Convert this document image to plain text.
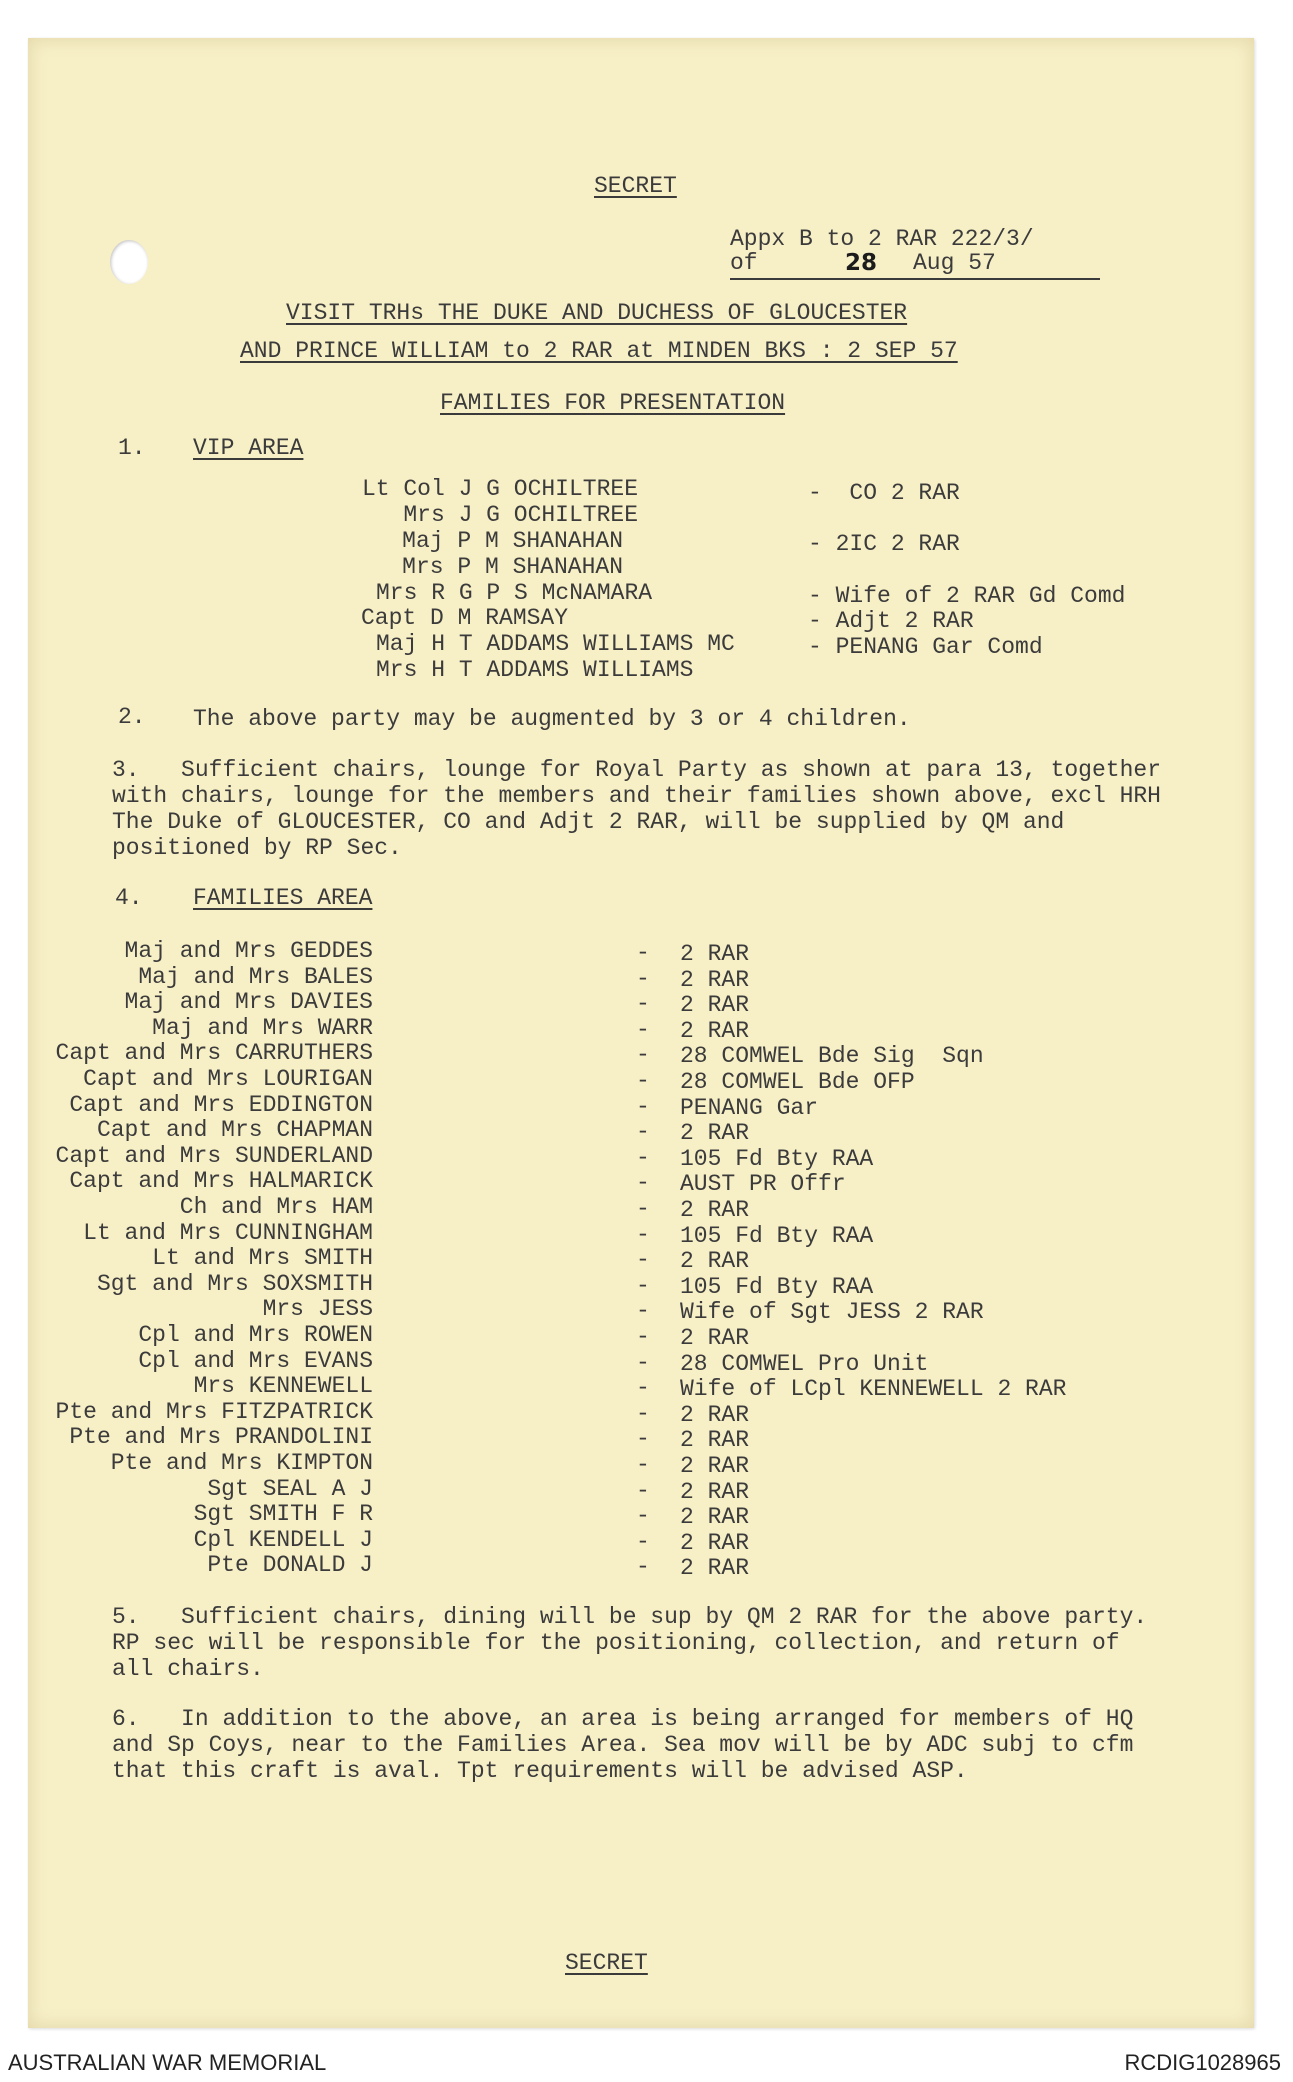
SECRET
Appx B to 2 RAR 222/3/
of	28 Aug 57
VISIT TRHs THE DUKE AND DUCHESS OF GLOUCESTER
AND PRINCE WILLIAM to 2 RAR at MINDEN BKS : 2 SEP 57
FAMILIES FOR PRESENTATION
1. VIP AREA
Lt Col J G OCHILTREE	-  CO 2 RAR
Mrs J G OCHILTREE
Maj P M SHANAHAN	- 2IC 2 RAR
Mrs P M SHANAHAN
Mrs R G P S McNAMARA	- Wife of 2 RAR Gd Comd
Capt D M RAMSAY	- Adjt 2 RAR
Maj H T ADDAMS WILLIAMS MC	- PENANG Gar Comd
Mrs H T ADDAMS WILLIAMS
2. The above party may be augmented by 3 or 4 children.
3. Sufficient chairs, lounge for Royal Party as shown at para 13, together with chairs, lounge for the members and their families shown above, excl HRH The Duke of GLOUCESTER, CO and Adjt 2 RAR, will be supplied by QM and positioned by RP Sec.
4. FAMILIES AREA
Maj and Mrs GEDDES	- 2 RAR
Maj and Mrs BALES	- 2 RAR
Maj and Mrs DAVIES	- 2 RAR
Maj and Mrs WARR	- 2 RAR
Capt and Mrs CARRUTHERS	- 28 COMWEL Bde Sig  Sqn
Capt and Mrs LOURIGAN	- 28 COMWEL Bde OFP
Capt and Mrs EDDINGTON	- PENANG Gar
Capt and Mrs CHAPMAN	- 2 RAR
Capt and Mrs SUNDERLAND	- 105 Fd Bty RAA
Capt and Mrs HALMARICK	- AUST PR Offr
Ch and Mrs HAM	- 2 RAR
Lt and Mrs CUNNINGHAM	- 105 Fd Bty RAA
Lt and Mrs SMITH	- 2 RAR
Sgt and Mrs SOXSMITH	- 105 Fd Bty RAA
Mrs JESS	- Wife of Sgt JESS 2 RAR
Cpl and Mrs ROWEN	- 2 RAR
Cpl and Mrs EVANS	- 28 COMWEL Pro Unit
Mrs KENNEWELL	- Wife of LCpl KENNEWELL 2 RAR
Pte and Mrs FITZPATRICK	- 2 RAR
Pte and Mrs PRANDOLINI	- 2 RAR
Pte and Mrs KIMPTON	- 2 RAR
Sgt SEAL A J	- 2 RAR
Sgt SMITH F R	- 2 RAR
Cpl KENDELL J	- 2 RAR
Pte DONALD J	- 2 RAR
5. Sufficient chairs, dining will be sup by QM 2 RAR for the above party. RP sec will be responsible for the positioning, collection, and return of all chairs.
6. In addition to the above, an area is being arranged for members of HQ and Sp Coys, near to the Families Area. Sea mov will be by ADC subj to cfm that this craft is aval. Tpt requirements will be advised ASP.
SECRET
AUSTRALIAN WAR MEMORIAL	RCDIG1028965
